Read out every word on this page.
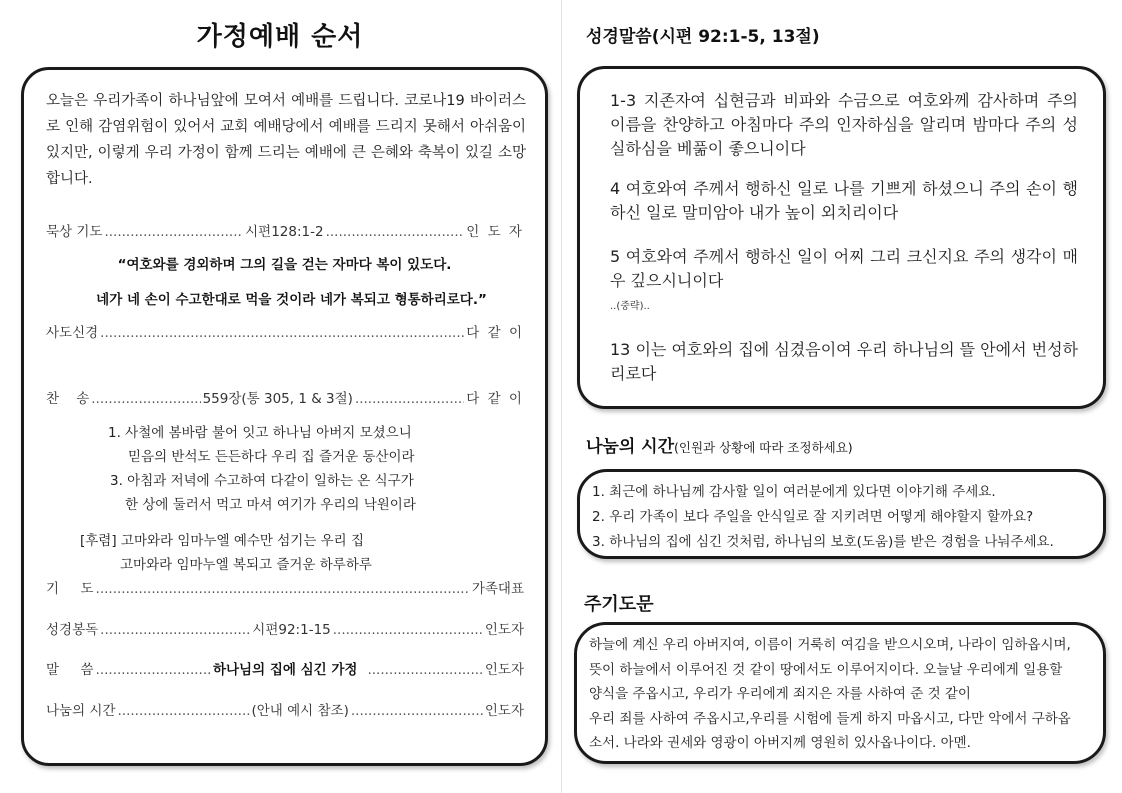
가정예배 순서

오늘은 우리가족이 하나님앞에 모여서 예배를 드립니다. 코로나19 바이러스로 인해 감염위험이 있어서 교회 예배당에서 예배를 드리지 못해서 아쉬움이 있지만, 이렇게 우리 가정이 함께 드리는 예배에 큰 은혜와 축복이 있길 소망합니다.

묵상 기도 .....	시편128:1-2 .....	인 도 자
“여호와를 경외하며 그의 길을 걷는 자마다 복이 있도다.
네가 네 손이 수고한대로 먹을 것이라 네가 복되고 형통하리로다.”
사도신경 .....	다 같 이
찬    송 .....	559장(통 305, 1 & 3절) .....	다 같 이
1. 사철에 봄바람 불어 잇고 하나님 아버지 모셨으니
믿음의 반석도 든든하다 우리 집 즐거운 동산이라
3. 아침과 저녁에 수고하여 다같이 일하는 온 식구가
한 상에 둘러서 먹고 마셔 여기가 우리의 낙원이라
[후렴] 고마와라 임마누엘 예수만 섬기는 우리 집
고마와라 임마누엘 복되고 즐거운 하루하루
기     도 .....	가족대표
성경봉독 .....	시편92:1-15 .....	인도자
말     씀 .....	하나님의 집에 심긴 가정 .....	인도자
나눔의 시간 .....	(안내 예시 참조) .....	인도자
성경말씀(시편 92:1-5, 13절)

1-3 지존자여 십현금과 비파와 수금으로 여호와께 감사하며 주의 이름을 찬양하고 아침마다 주의 인자하심을 알리며 밤마다 주의 성실하심을 베풂이 좋으니이다

4 여호와여 주께서 행하신 일로 나를 기쁘게 하셨으니 주의 손이 행하신 일로 말미암아 내가 높이 외치리이다

5 여호와여 주께서 행하신 일이 어찌 그리 크신지요 주의 생각이 매우 깊으시니이다

..(중략)..

13 이는 여호와의 집에 심겼음이여 우리 하나님의 뜰 안에서 번성하리로다

나눔의 시간(인원과 상황에 따라 조정하세요)
1. 최근에 하나님께 감사할 일이 여러분에게 있다면 이야기해 주세요.
2. 우리 가족이 보다 주일을 안식일로 잘 지키려면 어떻게 해야할지 할까요?
3. 하나님의 집에 심긴 것처럼, 하나님의 보호(도움)를 받은 경험을 나눠주세요.
주기도문
하늘에 계신 우리 아버지여, 이름이 거룩히 여김을 받으시오며, 나라이 임하옵시며,
뜻이 하늘에서 이루어진 것 같이 땅에서도 이루어지이다. 오늘날 우리에게 일용할
양식을 주옵시고, 우리가 우리에게 죄지은 자를 사하여 준 것 같이
우리 죄를 사하여 주옵시고,우리를 시험에 들게 하지 마옵시고, 다만 악에서 구하옵
소서. 나라와 권세와 영광이 아버지께 영원히 있사옵나이다. 아멘.
